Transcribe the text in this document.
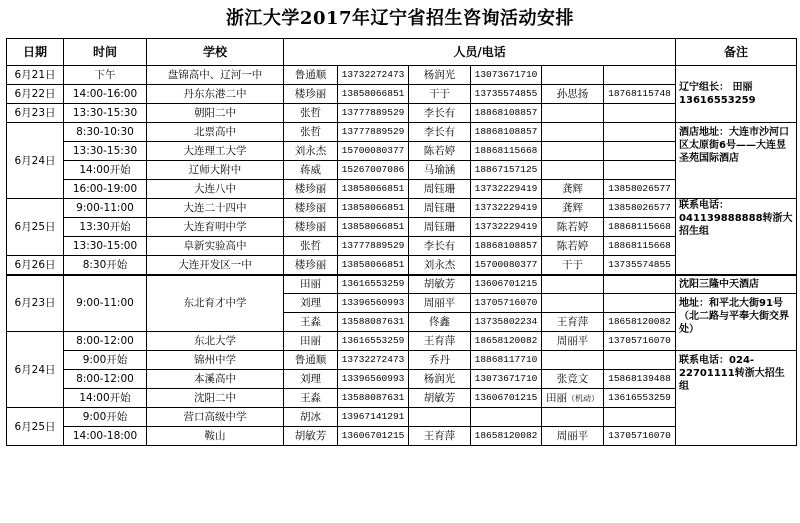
浙江大学2017年辽宁省招生咨询活动安排
日期	时间	学校	人员/电话						备注
6月21日	下午	盘锦高中、辽河一中	鲁通顺	13732272473	杨润光	13073671710			辽宁组长： 田丽 13616553259
6月22日	14:00-16:00	丹东东港二中	楼珍丽	13858066851	干于	13735574855	孙思扬	18768115748	
6月23日	13:30-15:30	朝阳二中	张哲	13777889529	李长有	18868108857			
6月24日	8:30-10:30	北票高中	张哲	13777889529	李长有	18868108857			酒店地址：大连市沙河口区太原街6号——大连昱圣苑国际酒店
	13:30-15:30	大连理工大学	刘永杰	15700080377	陈若婷	18868115668			
	14:00开始	辽师大附中	蒋威	15267007086	马瑜涵	18867157125			
	16:00-19:00	大连八中	楼珍丽	13858066851	周钰珊	13732229419	龚辉	13858026577	
6月25日	9:00-11:00	大连二十四中	楼珍丽	13858066851	周钰珊	13732229419	龚辉	13858026577	联系电话：041139888888转浙大招生组
	13:30开始	大连育明中学	楼珍丽	13858066851	周钰珊	13732229419	陈若婷	18868115668	
	13:30-15:00	阜新实验高中	张哲	13777889529	李长有	18868108857	陈若婷	18868115668	
6月26日	8:30开始	大连开发区一中	楼珍丽	13858066851	刘永杰	15700080377	干于	13735574855	
6月23日	9:00-11:00	东北育才中学	田丽	13616553259	胡敏芳	13606701215			沈阳三隆中天酒店
			刘理	13396560993	周丽平	13705716070			地址：和平北大街91号（北二路与平奉大街交界处）
			王淼	13588087631	佟鑫	13735802234	王育萍	18658120082	
6月24日	8:00-12:00	东北大学	田丽	13616553259	王育萍	18658120082	周丽平	13705716070	
	9:00开始	锦州中学	鲁通顺	13732272473	乔丹	18868117710			联系电话：024-22701111转浙大招生组
	8:00-12:00	本溪高中	刘理	13396560993	杨润光	13073671710	张竞文	15868139488	
	14:00开始	沈阳二中	王淼	13588087631	胡敏芳	13606701215	田丽（机动）	13616553259	
6月25日	9:00开始	营口高级中学	胡冰	13967141291					
	14:00-18:00	鞍山	胡敏芳	13606701215	王育萍	18658120082	周丽平	13705716070	
